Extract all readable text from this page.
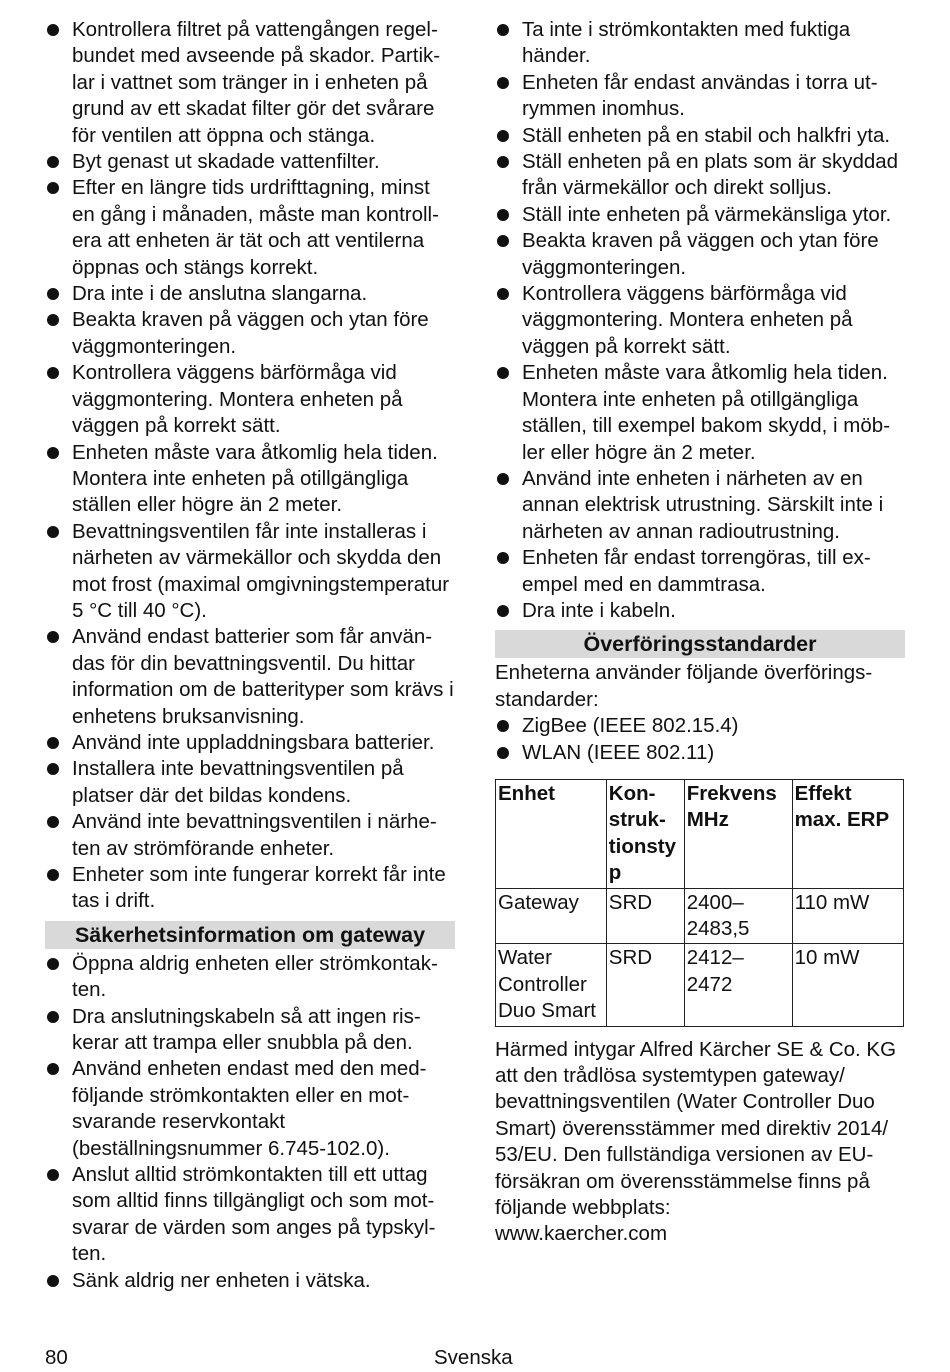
Kontrollera filtret på vattengången regelbundet med avseende på skador. Partiklar i vattnet som tränger in i enheten på grund av ett skadat filter gör det svårare för ventilen att öppna och stänga.
Byt genast ut skadade vattenfilter.
Efter en längre tids urdrifttagning, minst en gång i månaden, måste man kontrollera att enheten är tät och att ventilerna öppnas och stängs korrekt.
Dra inte i de anslutna slangarna.
Beakta kraven på väggen och ytan före väggmonteringen.
Kontrollera väggens bärförmåga vid väggmontering. Montera enheten på väggen på korrekt sätt.
Enheten måste vara åtkomlig hela tiden. Montera inte enheten på otillgängliga ställen eller högre än 2 meter.
Bevattningsventilen får inte installeras i närheten av värmekällor och skydda den mot frost (maximal omgivningstemperatur 5 °C till 40 °C).
Använd endast batterier som får användas för din bevattningsventil. Du hittar information om de batterityper som krävs i enhetens bruksanvisning.
Använd inte uppladdningsbara batterier.
Installera inte bevattningsventilen på platser där det bildas kondens.
Använd inte bevattningsventilen i närheten av strömförande enheter.
Enheter som inte fungerar korrekt får inte tas i drift.
Säkerhetsinformation om gateway
Öppna aldrig enheten eller strömkontakten.
Dra anslutningskabeln så att ingen riskerar att trampa eller snubbla på den.
Använd enheten endast med den medföljande strömkontakten eller en motsvarande reservkontakt (beställningsnummer 6.745-102.0).
Anslut alltid strömkontakten till ett uttag som alltid finns tillgängligt och som motsvarar de värden som anges på typskylten.
Sänk aldrig ner enheten i vätska.
Ta inte i strömkontakten med fuktiga händer.
Enheten får endast användas i torra utrymmen inomhus.
Ställ enheten på en stabil och halkfri yta.
Ställ enheten på en plats som är skyddad från värmekällor och direkt solljus.
Ställ inte enheten på värmekänsliga ytor.
Beakta kraven på väggen och ytan före väggmonteringen.
Kontrollera väggens bärförmåga vid väggmontering. Montera enheten på väggen på korrekt sätt.
Enheten måste vara åtkomlig hela tiden. Montera inte enheten på otillgängliga ställen, till exempel bakom skydd, i möbler eller högre än 2 meter.
Använd inte enheten i närheten av en annan elektrisk utrustning. Särskilt inte i närheten av annan radioutrustning.
Enheten får endast torrengöras, till exempel med en dammtrasa.
Dra inte i kabeln.
Överföringsstandarder

Enheterna använder följande överföringsstandarder:

ZigBee (IEEE 802.15.4)
WLAN (IEEE 802.11)
Enhet	Konstruktionsty p	Frekvens MHz	Effekt max. ERP
Gateway	SRD	2400–2483,5	110 mW
Water Controller Duo Smart	SRD	2412–2472	10 mW

Härmed intygar Alfred Kärcher SE & Co. KG att den trådlösa systemtypen gateway/ bevattningsventilen (Water Controller Duo Smart) överensstämmer med direktiv 2014/ 53/EU. Den fullständiga versionen av EU-försäkran om överensstämmelse finns på följande webbplats:

www.kaercher.com

80	Svenska
